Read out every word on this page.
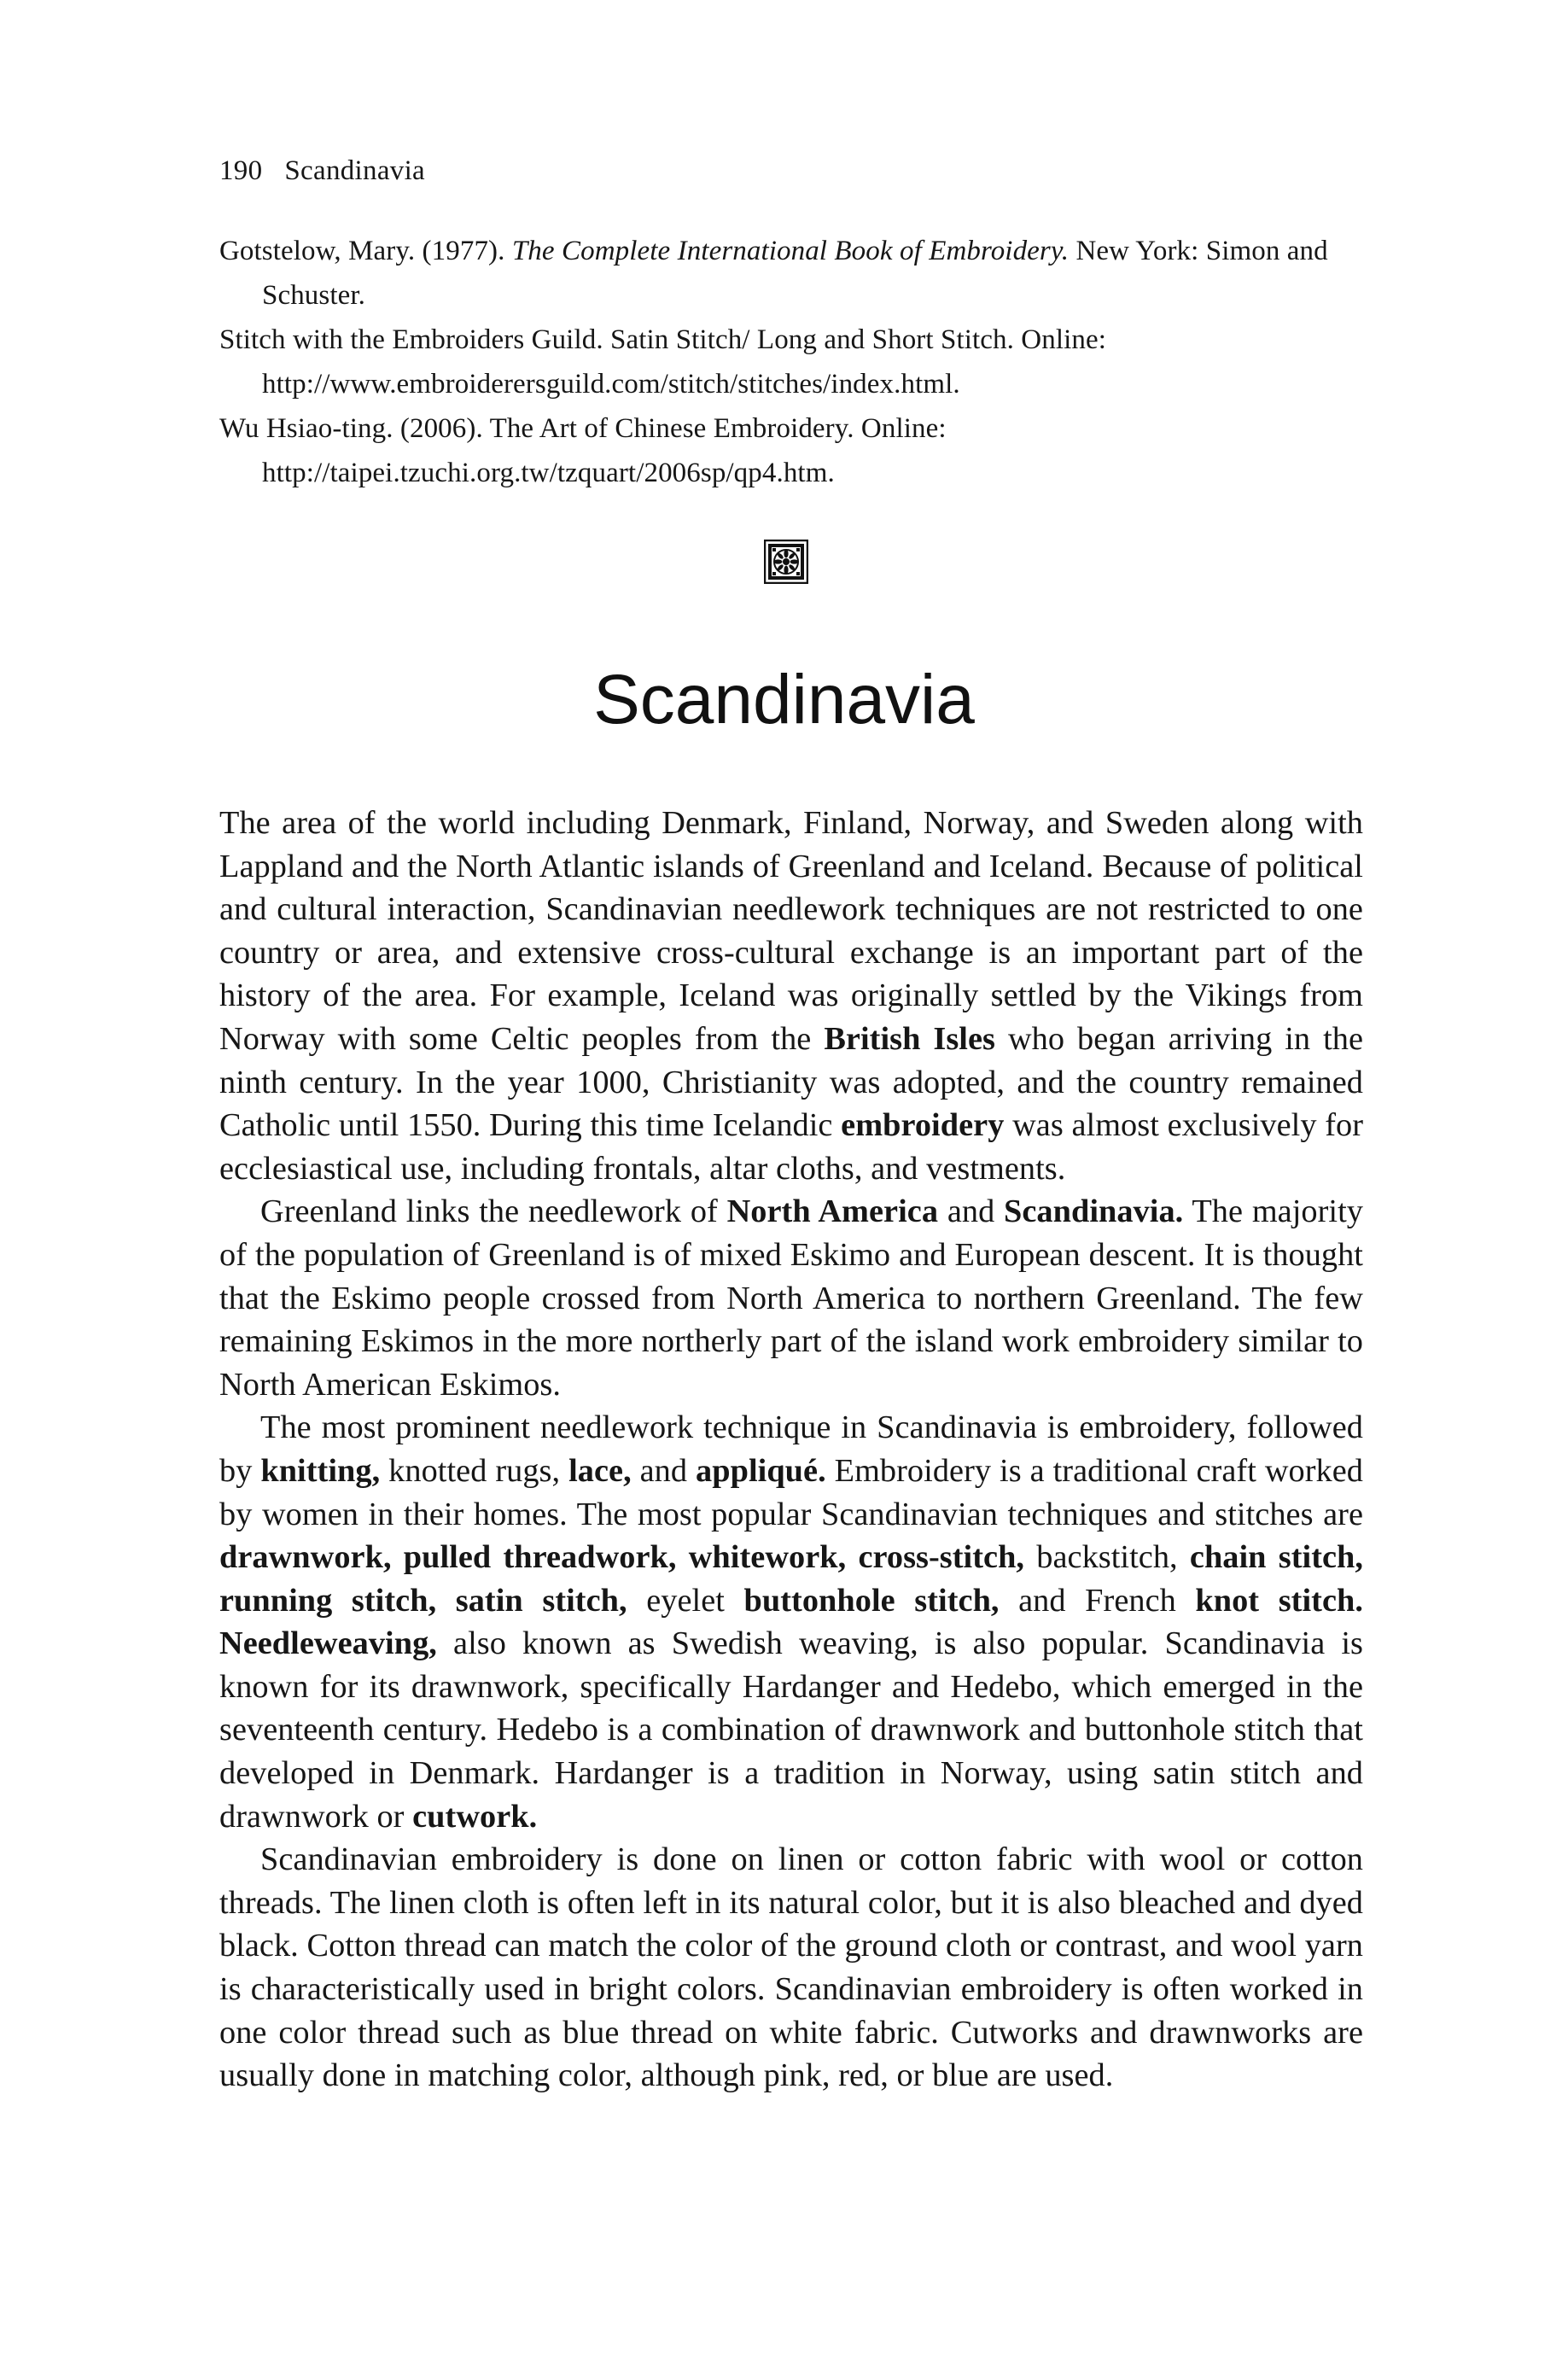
190 Scandinavia

Gotstelow, Mary. (1977). The Complete International Book of Embroidery. New York: Simon and Schuster.

Stitch with the Embroiders Guild. Satin Stitch/ Long and Short Stitch. Online: http://www.embroiderersguild.com/stitch/stitches/index.html.

Wu Hsiao-ting. (2006). The Art of Chinese Embroidery. Online: http://taipei.tzuchi.org.tw/tzquart/2006sp/qp4.htm.

Scandinavia

The area of the world including Denmark, Finland, Norway, and Sweden along with Lappland and the North Atlantic islands of Greenland and Iceland. Because of political and cultural interaction, Scandinavian needlework techniques are not restricted to one country or area, and extensive cross-cultural exchange is an important part of the history of the area. For example, Iceland was originally settled by the Vikings from Norway with some Celtic peoples from the British Isles who began arriving in the ninth century. In the year 1000, Christianity was adopted, and the country remained Catholic until 1550. During this time Icelandic embroidery was almost exclusively for ecclesiastical use, including frontals, altar cloths, and vestments.

Greenland links the needlework of North America and Scandinavia. The majority of the population of Greenland is of mixed Eskimo and European descent. It is thought that the Eskimo people crossed from North America to northern Greenland. The few remaining Eskimos in the more northerly part of the island work embroidery similar to North American Eskimos.

The most prominent needlework technique in Scandinavia is embroidery, followed by knitting, knotted rugs, lace, and appliqué. Embroidery is a traditional craft worked by women in their homes. The most popular Scandinavian techniques and stitches are drawnwork, pulled threadwork, whitework, cross-stitch, backstitch, chain stitch, running stitch, satin stitch, eyelet buttonhole stitch, and French knot stitch. Needleweaving, also known as Swedish weaving, is also popular. Scandinavia is known for its drawnwork, specifically Hardanger and Hedebo, which emerged in the seventeenth century. Hedebo is a combination of drawnwork and buttonhole stitch that developed in Denmark. Hardanger is a tradition in Norway, using satin stitch and drawnwork or cutwork.

Scandinavian embroidery is done on linen or cotton fabric with wool or cotton threads. The linen cloth is often left in its natural color, but it is also bleached and dyed black. Cotton thread can match the color of the ground cloth or contrast, and wool yarn is characteristically used in bright colors. Scandinavian embroidery is often worked in one color thread such as blue thread on white fabric. Cutworks and drawnworks are usually done in matching color, although pink, red, or blue are used.
